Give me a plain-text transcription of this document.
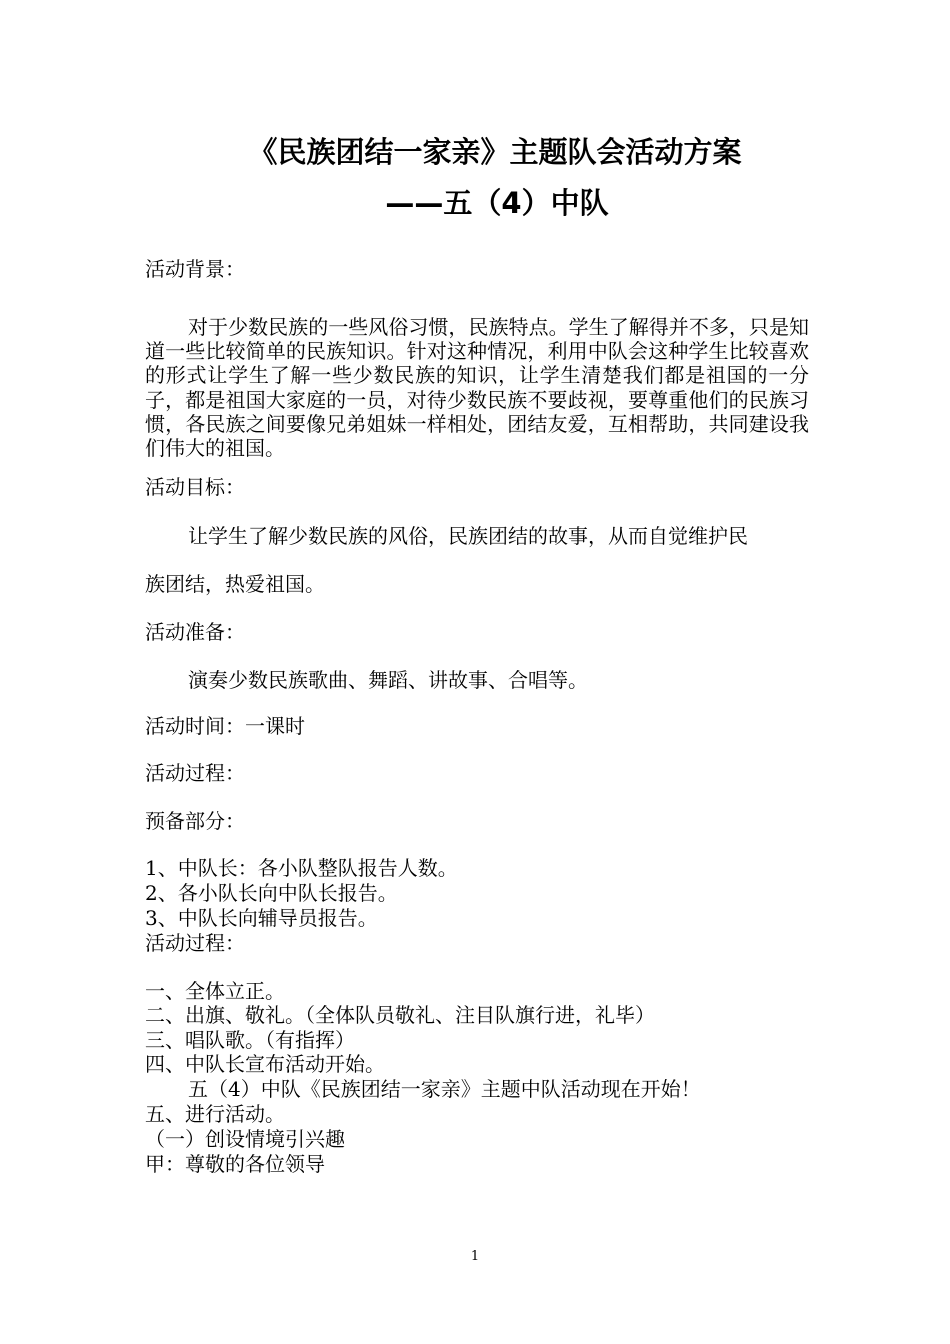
《民族团结一家亲》主题队会活动方案
——五（4）中队
活动背景：
对于少数民族的一些风俗习惯，民族特点。学生了解得并不多，只是知道一些比较简单的民族知识。针对这种情况，利用中队会这种学生比较喜欢的形式让学生了解一些少数民族的知识，让学生清楚我们都是祖国的一分子，都是祖国大家庭的一员，对待少数民族不要歧视，要尊重他们的民族习惯，各民族之间要像兄弟姐妹一样相处，团结友爱，互相帮助，共同建设我们伟大的祖国。
活动目标：
让学生了解少数民族的风俗，民族团结的故事，从而自觉维护民
族团结，热爱祖国。
活动准备：
演奏少数民族歌曲、舞蹈、讲故事、合唱等。
活动时间：一课时
活动过程：
预备部分：
1、中队长：各小队整队报告人数。
2、各小队长向中队长报告。
3、中队长向辅导员报告。
活动过程：
一、全体立正。
二、出旗、敬礼。（全体队员敬礼、注目队旗行进，礼毕）
三、唱队歌。（有指挥）
四、中队长宣布活动开始。
五（4）中队《民族团结一家亲》主题中队活动现在开始！
五、进行活动。
（一）创设情境引兴趣
甲：尊敬的各位领导
1
